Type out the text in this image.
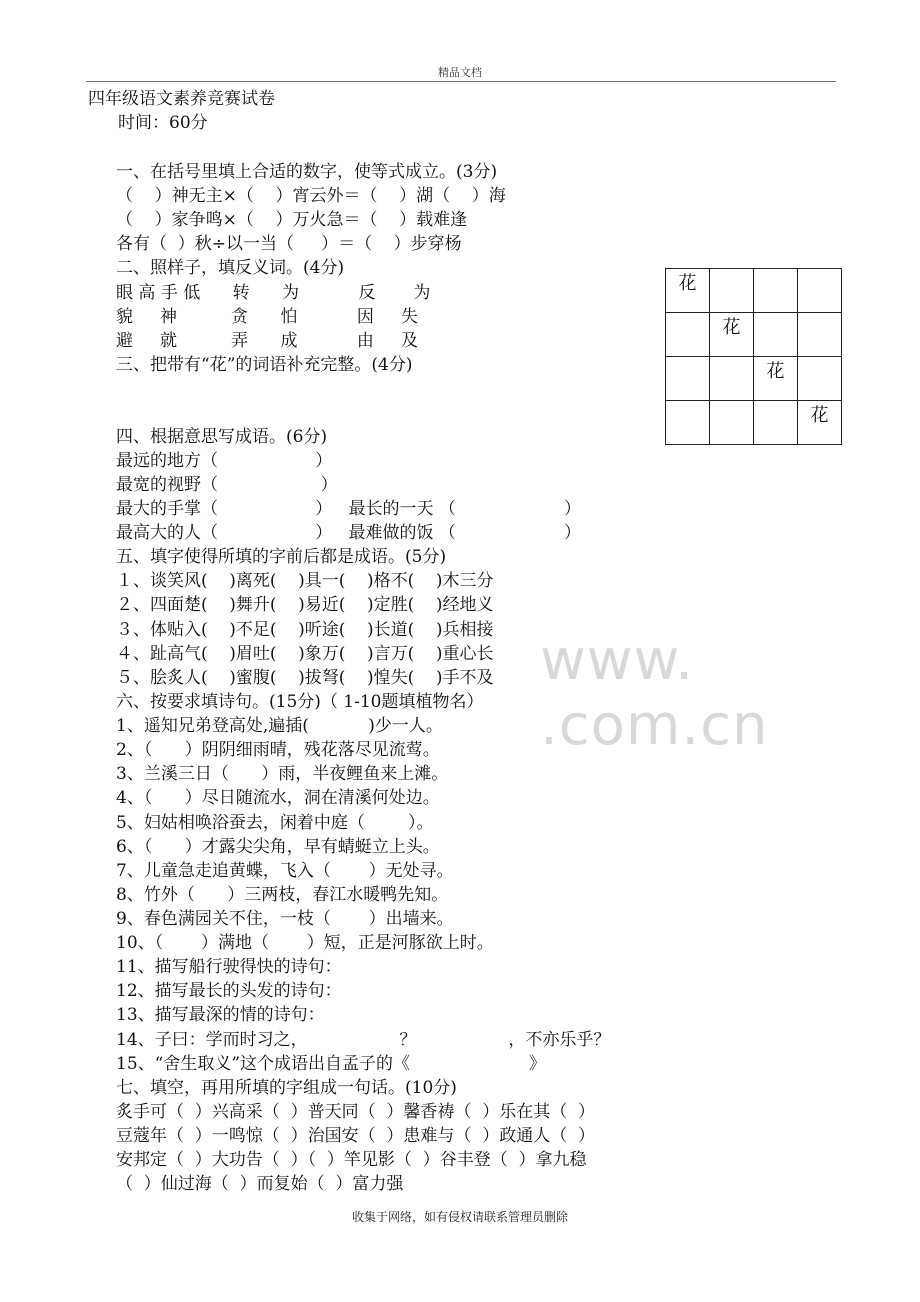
精品文档
www. .com.cn
四年级语文素养竞赛试卷
时间：60分
一、在括号里填上合适的数字，使等式成立。(3分)
（    ）神无主×（    ）宵云外＝（    ）湖（    ）海
（    ）家争鸣×（    ）万火急＝（    ）载难逢
各有（  ）秋÷以一当（     ）＝（    ）步穿杨
二、照样子，填反义词。(4分)
眼 高 手 低      转      为           反       为
貌     神          贪      怕           因     失
避     就          弄      成           由     及
三、把带有“花”的词语补充完整。(4分)
四、根据意思写成语。(6分)
最远的地方（                  ）
最宽的视野（                   ）
最大的手掌（                  ）   最长的一天 （                    ）
最高大的人（                  ）   最难做的饭 （                    ）
五、填字使得所填的字前后都是成语。(5分)
１、谈笑风(    )离死(    )具一(    )格不(    )木三分
２、四面楚(    )舞升(    )易近(    )定胜(    )经地义
３、体贴入(    )不足(    )听途(    )长道(    )兵相接
４、趾高气(    )眉吐(    )象万(    )言万(    )重心长
５、脍炙人(    )蜜腹(    )拔弩(    )惶失(    )手不及
六、按要求填诗句。(15分)（ 1-10题填植物名）
1、遥知兄弟登高处,遍插(           )少一人。
2、（      ）阴阴细雨晴，残花落尽见流莺。
3、兰溪三日（      ）雨，半夜鲤鱼来上滩。
4、（      ）尽日随流水，洞在清溪何处边。
5、妇姑相唤浴蚕去，闲着中庭（        ）。
6、（      ）才露尖尖角，早有蜻蜓立上头。
7、儿童急走追黄蝶，飞入（       ）无处寻。
8、竹外（      ）三两枝，春江水暖鸭先知。
9、春色满园关不住，一枝（       ）出墙来。
10、（       ）满地（       ）短，正是河豚欲上时。
11、描写船行驶得快的诗句：
12、描写最长的头发的诗句：
13、描写最深的情的诗句：
14、子曰：学而时习之，                 ？                 ，不亦乐乎？
15、“舍生取义”这个成语出自孟子的《                      》
七、填空，再用所填的字组成一句话。(10分)
炙手可（  ）兴高采（  ）普天同（  ）馨香祷（  ）乐在其（  ）
豆蔻年（  ）一鸣惊（  ）治国安（  ）患难与（  ）政通人（  ）
安邦定（  ）大功告（  ）（  ）竿见影（  ）谷丰登（  ）拿九稳
（  ）仙过海（  ）而复始（  ）富力强
花			
	花		
		花	
			花
收集于网络，如有侵权请联系管理员删除
